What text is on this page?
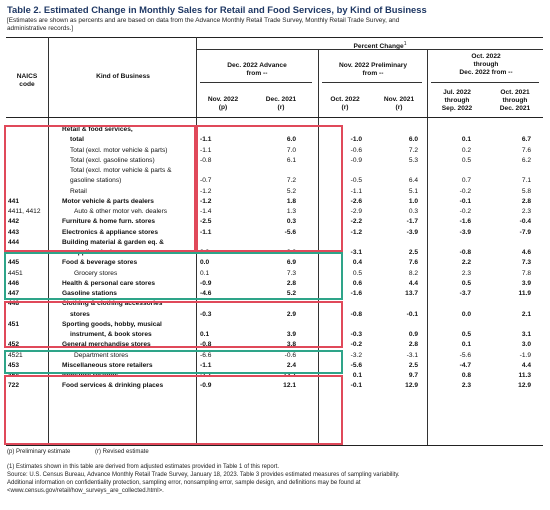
Table 2. Estimated Change in Monthly Sales for Retail and Food Services, by Kind of Business
[Estimates are shown as percents and are based on data from the Advance Monthly Retail Trade Survey, Monthly Retail Trade Survey, and administrative records.]
Percent Change$^1$
NAICS
code
Kind of Business
Dec. 2022 Advance
from --
Nov. 2022 Preliminary
from --
Oct. 2022
through
Dec. 2022 from --
Nov. 2022
(p)
Dec. 2021
(r)
Oct. 2022
(r)
Nov. 2021
(r)
Jul. 2022
through
Sep. 2022
Oct. 2021
through
Dec. 2021
Retail & food services,
total	-1.1	6.0	-1.0	6.0	0.1	6.7
Total (excl. motor vehicle & parts)	-1.1	7.0	-0.6	7.2	0.2	7.6
Total (excl. gasoline stations)	-0.8	6.1	-0.9	5.3	0.5	6.2
Total (excl. motor vehicle & parts &
gasoline stations)	-0.7	7.2	-0.5	6.4	0.7	7.1
Retail	-1.2	5.2	-1.1	5.1	-0.2	5.8
441	Motor vehicle & parts dealers	-1.2	1.8	-2.6	1.0	-0.1	2.8
4411, 4412	Auto & other motor veh. dealers	-1.4	1.3	-2.9	0.3	-0.2	2.3
442	Furniture & home furn. stores	-2.5	0.3	-2.2	-1.7	-1.6	-0.4
443	Electronics & appliance stores	-1.1	-5.6	-1.2	-3.9	-3.9	-7.9
444	Building material & garden eq. &
supplies dealers	0.3	2.3	-3.1	2.5	-0.8	4.6
445	Food & beverage stores	0.0	6.9	0.4	7.6	2.2	7.3
4451	Grocery stores	0.1	7.3	0.5	8.2	2.3	7.8
446	Health & personal care stores	-0.9	2.8	0.6	4.4	0.5	3.9
447	Gasoline stations	-4.6	5.2	-1.6	13.7	-3.7	11.9
448	Clothing & clothing accessories
stores	-0.3	2.9	-0.8	-0.1	0.0	2.1
451	Sporting goods, hobby, musical
instrument, & book stores	0.1	3.9	-0.3	0.9	0.5	3.1
452	General merchandise stores	-0.8	3.8	-0.2	2.8	0.1	3.0
4521	Department stores	-6.6	-0.6	-3.2	-3.1	-5.6	-1.9
453	Miscellaneous store retailers	-1.1	2.4	-5.6	2.5	-4.7	4.4
454	Nonstore retailers	-1.1	13.7	0.1	9.7	0.8	11.3
722	Food services & drinking places	-0.9	12.1	-0.1	12.9	2.3	12.9
(p) Preliminary estimate	(r) Revised estimate
(1) Estimates shown in this table are derived from adjusted estimates provided in Table 1 of this report.
Source: U.S. Census Bureau, Advance Monthly Retail Trade Survey, January 18, 2023. Table 3 provides estimated measures of sampling variability.
Additional information on confidentiality protection, sampling error, nonsampling error, sample design, and definitions may be found at
<www.census.gov/retail/how_surveys_are_collected.html>.
